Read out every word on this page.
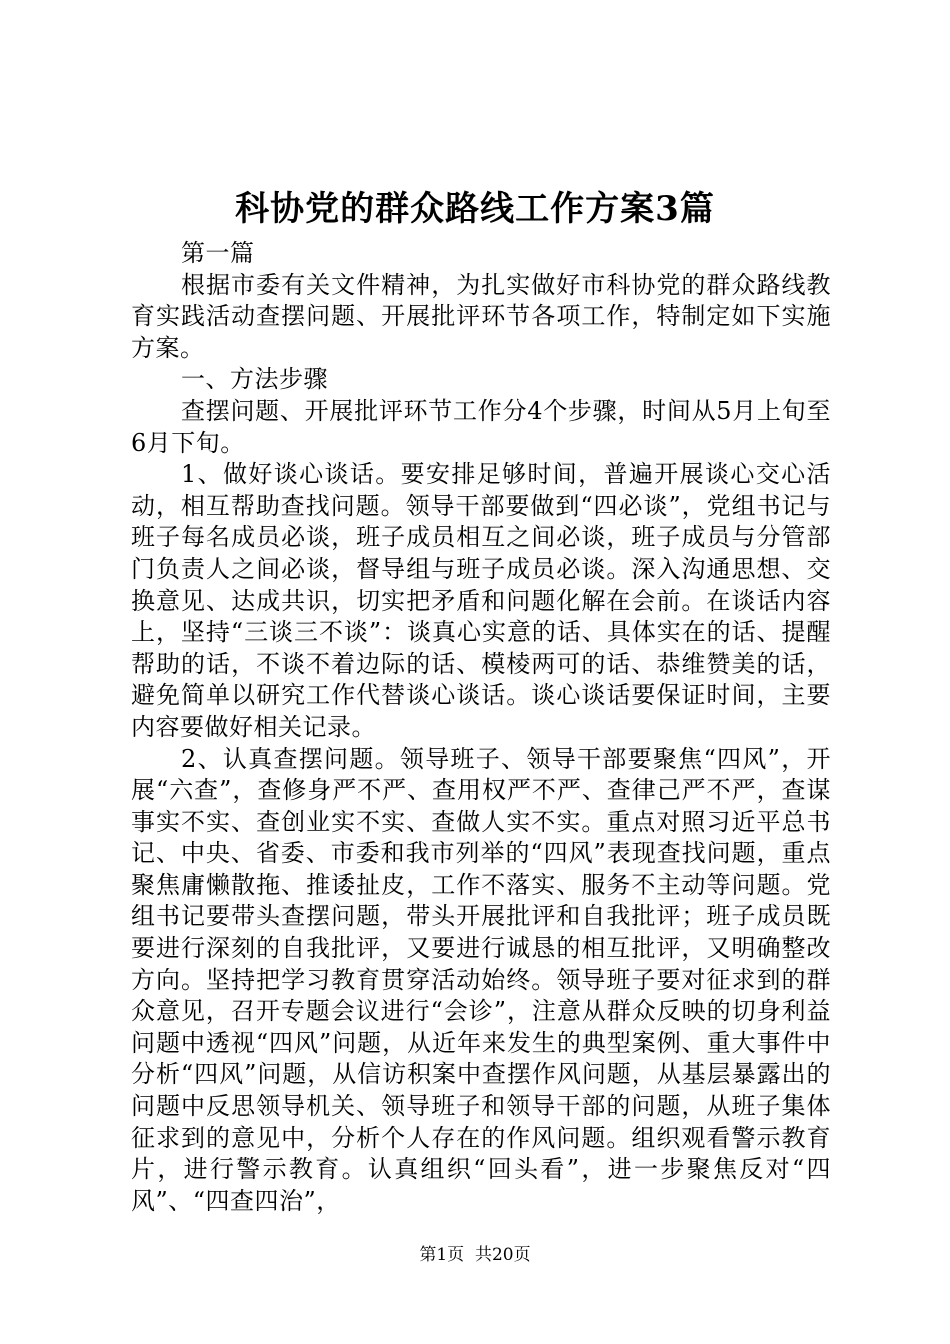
科协党的群众路线工作方案3篇

第一篇

根据市委有关文件精神，为扎实做好市科协党的群众路线教育实践活动查摆问题、开展批评环节各项工作，特制定如下实施方案。

一、方法步骤

查摆问题、开展批评环节工作分4个步骤，时间从5月上旬至6月下旬。

1、做好谈心谈话。要安排足够时间，普遍开展谈心交心活动，相互帮助查找问题。领导干部要做到“四必谈”，党组书记与班子每名成员必谈，班子成员相互之间必谈，班子成员与分管部门负责人之间必谈，督导组与班子成员必谈。深入沟通思想、交换意见、达成共识，切实把矛盾和问题化解在会前。在谈话内容上，坚持“三谈三不谈”：谈真心实意的话、具体实在的话、提醒帮助的话，不谈不着边际的话、模棱两可的话、恭维赞美的话，避免简单以研究工作代替谈心谈话。谈心谈话要保证时间，主要内容要做好相关记录。

2、认真查摆问题。领导班子、领导干部要聚焦“四风”，开展“六查”，查修身严不严、查用权严不严、查律己严不严，查谋事实不实、查创业实不实、查做人实不实。重点对照习近平总书记、中央、省委、市委和我市列举的“四风”表现查找问题，重点聚焦庸懒散拖、推诿扯皮，工作不落实、服务不主动等问题。党组书记要带头查摆问题，带头开展批评和自我批评；班子成员既要进行深刻的自我批评，又要进行诚恳的相互批评，又明确整改方向。坚持把学习教育贯穿活动始终。领导班子要对征求到的群众意见，召开专题会议进行“会诊”，注意从群众反映的切身利益问题中透视“四风”问题，从近年来发生的典型案例、重大事件中分析“四风”问题，从信访积案中查摆作风问题，从基层暴露出的问题中反思领导机关、领导班子和领导干部的问题，从班子集体征求到的意见中，分析个人存在的作风问题。组织观看警示教育片，进行警示教育。认真组织“回头看”，进一步聚焦反对“四风”、“四查四治”，

第1页  共20页
